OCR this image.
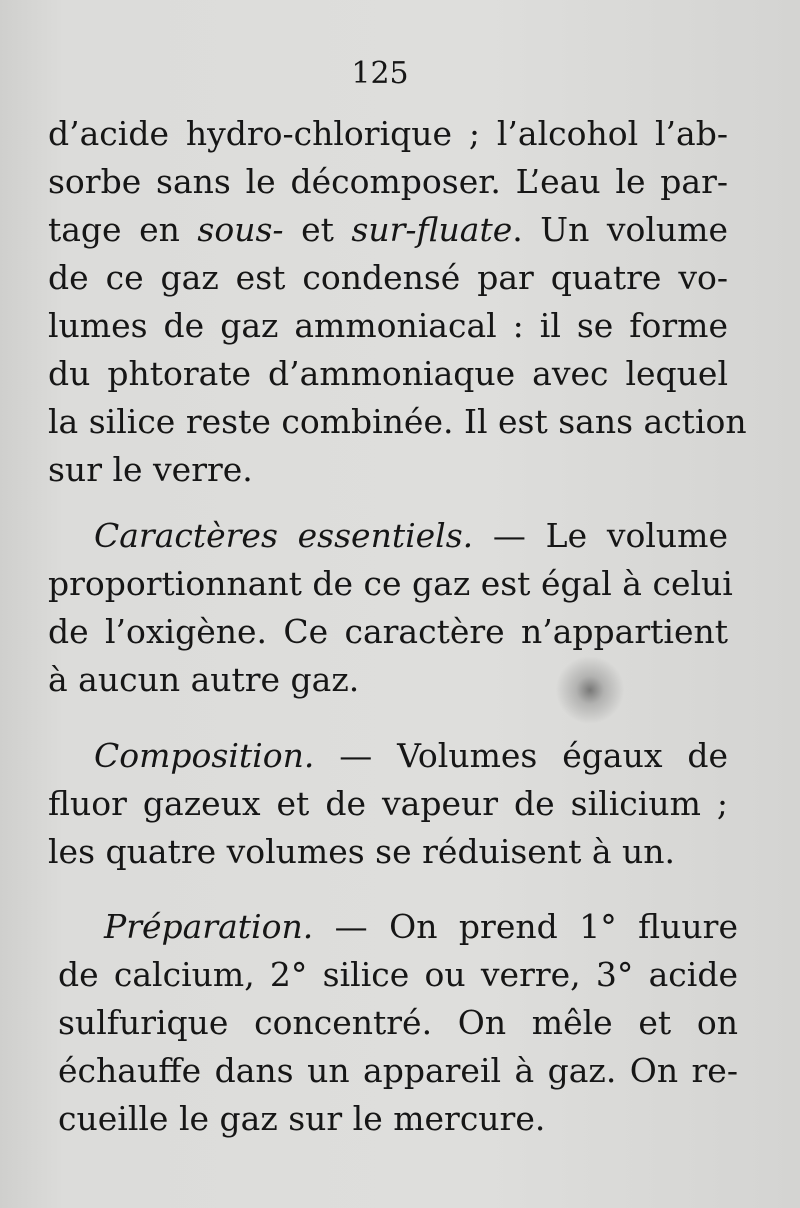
125
d’acide hydro-chlorique ; l’alcohol l’ab-
sorbe sans le décomposer. L’eau le par-
tage en sous- et sur-fluate. Un volume
de ce gaz est condensé par quatre vo-
lumes de gaz ammoniacal : il se forme
du phtorate d’ammoniaque avec lequel
la silice reste combinée. Il est sans action
sur le verre.
Caractères essentiels. — Le volume
proportionnant de ce gaz est égal à celui
de l’oxigène. Ce caractère n’appartient
à aucun autre gaz.
Composition. — Volumes égaux de
fluor gazeux et de vapeur de silicium ;
les quatre volumes se réduisent à un.
Préparation. — On prend 1° fluure
de calcium, 2° silice ou verre, 3° acide
sulfurique concentré. On mêle et on
échauffe dans un appareil à gaz. On re-
cueille le gaz sur le mercure.
